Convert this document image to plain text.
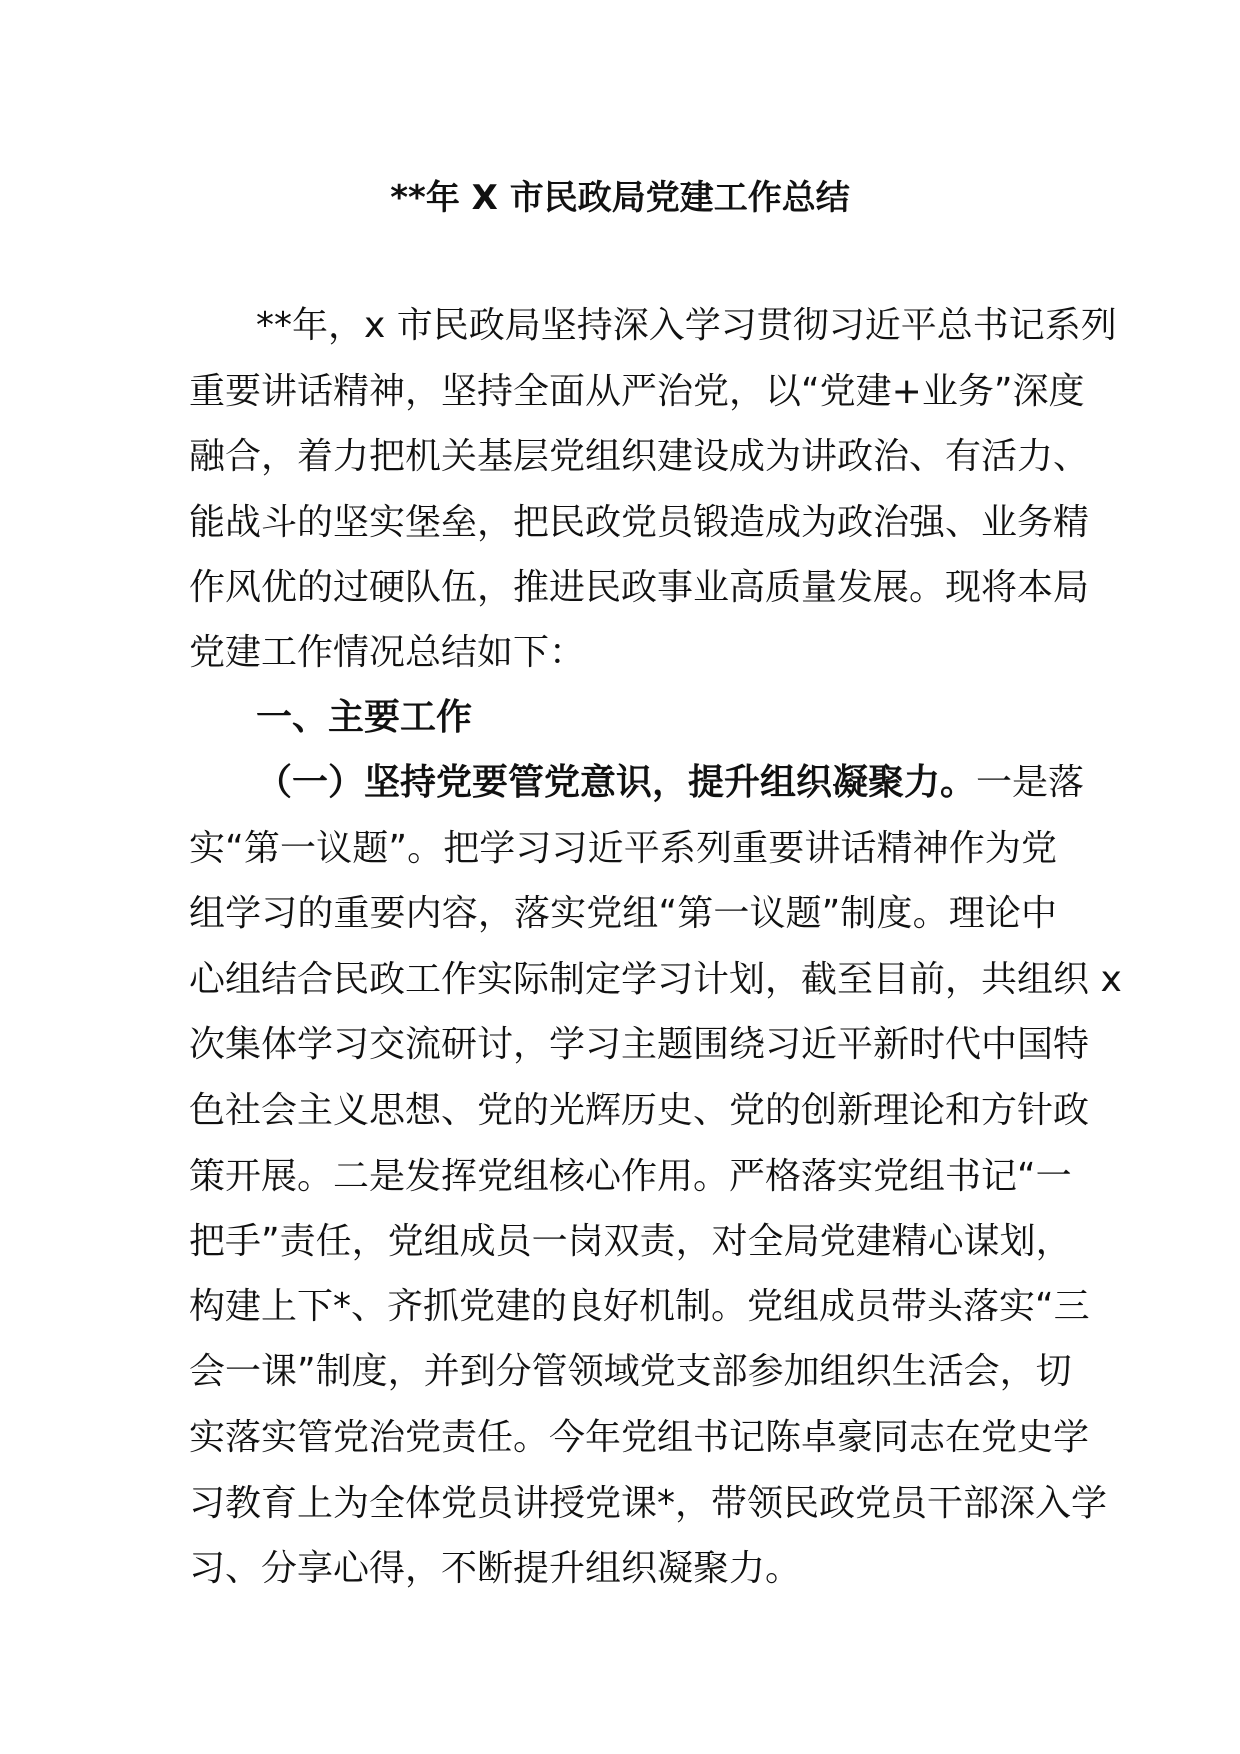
**年 X 市民政局党建工作总结
**年，x 市民政局坚持深入学习贯彻习近平总书记系列
重要讲话精神，坚持全面从严治党，以“党建+业务”深度
融合，着力把机关基层党组织建设成为讲政治、有活力、
能战斗的坚实堡垒，把民政党员锻造成为政治强、业务精
作风优的过硬队伍，推进民政事业高质量发展。现将本局
党建工作情况总结如下：
一、主要工作
（一）坚持党要管党意识，提升组织凝聚力。一是落
实“第一议题”。把学习习近平系列重要讲话精神作为党
组学习的重要内容，落实党组“第一议题”制度。理论中
心组结合民政工作实际制定学习计划，截至目前，共组织 x
次集体学习交流研讨，学习主题围绕习近平新时代中国特
色社会主义思想、党的光辉历史、党的创新理论和方针政
策开展。二是发挥党组核心作用。严格落实党组书记“一
把手”责任，党组成员一岗双责，对全局党建精心谋划，
构建上下*、齐抓党建的良好机制。党组成员带头落实“三
会一课”制度，并到分管领域党支部参加组织生活会，切
实落实管党治党责任。今年党组书记陈卓豪同志在党史学
习教育上为全体党员讲授党课*，带领民政党员干部深入学
习、分享心得，不断提升组织凝聚力。
